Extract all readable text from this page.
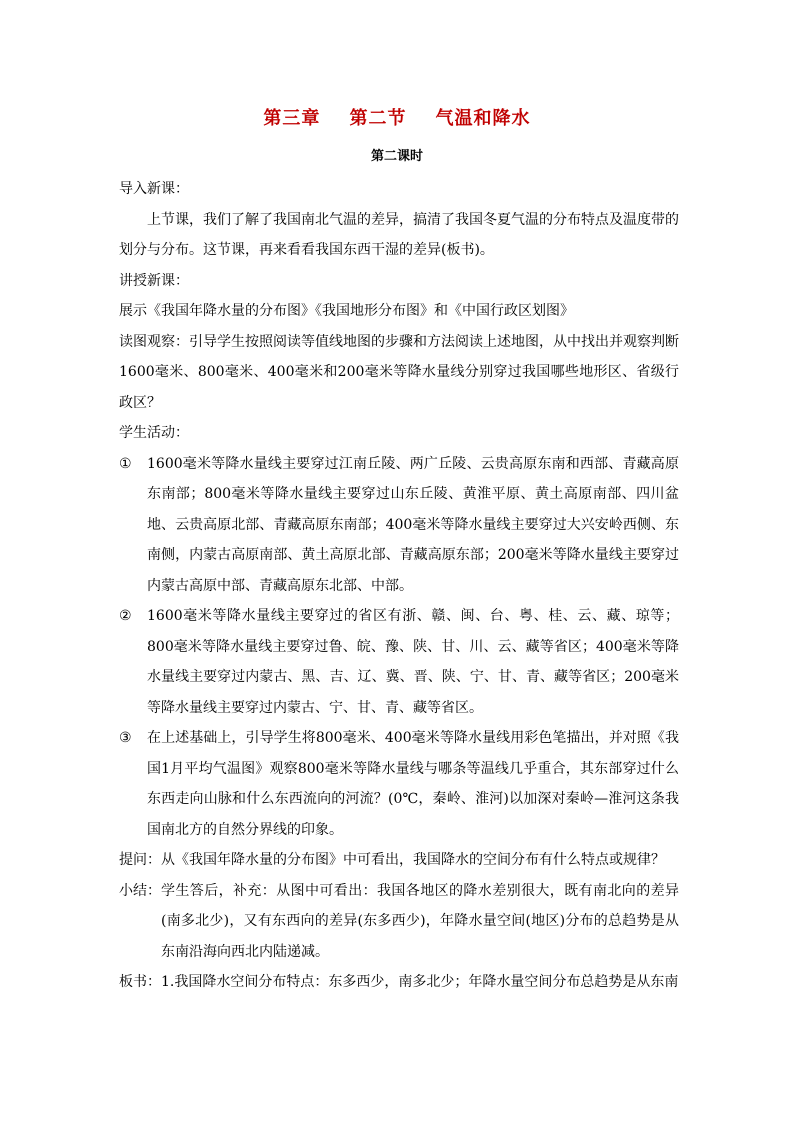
第三章    第二节    气温和降水
第二课时

导入新课：

上节课，我们了解了我国南北气温的差异，搞清了我国冬夏气温的分布特点及温度带的划分与分布。这节课，再来看看我国东西干湿的差异(板书)。

讲授新课：

展示《我国年降水量的分布图》《我国地形分布图》和《中国行政区划图》

读图观察：引导学生按照阅读等值线地图的步骤和方法阅读上述地图，从中找出并观察判断1600毫米、800毫米、400毫米和200毫米等降水量线分别穿过我国哪些地形区、省级行政区？

学生活动：

①	1600毫米等降水量线主要穿过江南丘陵、两广丘陵、云贵高原东南和西部、青藏高原东南部；800毫米等降水量线主要穿过山东丘陵、黄淮平原、黄土高原南部、四川盆地、云贵高原北部、青藏高原东南部；400毫米等降水量线主要穿过大兴安岭西侧、东南侧，内蒙古高原南部、黄土高原北部、青藏高原东部；200毫米等降水量线主要穿过内蒙古高原中部、青藏高原东北部、中部。
②	1600毫米等降水量线主要穿过的省区有浙、赣、闽、台、粤、桂、云、藏、琼等；800毫米等降水量线主要穿过鲁、皖、豫、陕、甘、川、云、藏等省区；400毫米等降水量线主要穿过内蒙古、黑、吉、辽、冀、晋、陕、宁、甘、青、藏等省区；200毫米等降水量线主要穿过内蒙古、宁、甘、青、藏等省区。
③	在上述基础上，引导学生将800毫米、400毫米等降水量线用彩色笔描出，并对照《我国1月平均气温图》观察800毫米等降水量线与哪条等温线几乎重合，其东部穿过什么东西走向山脉和什么东西流向的河流？(0℃，秦岭、淮河)以加深对秦岭—淮河这条我国南北方的自然分界线的印象。

提问：从《我国年降水量的分布图》中可看出，我国降水的空间分布有什么特点或规律？

小结： 学生答后，补充：从图中可看出：我国各地区的降水差别很大，既有南北向的差异(南多北少)，又有东西向的差异(东多西少)，年降水量空间(地区)分布的总趋势是从东南沿海向西北内陆递减。
板书： 1.我国降水空间分布特点：东多西少，南多北少；年降水量空间分布总趋势是从东南
